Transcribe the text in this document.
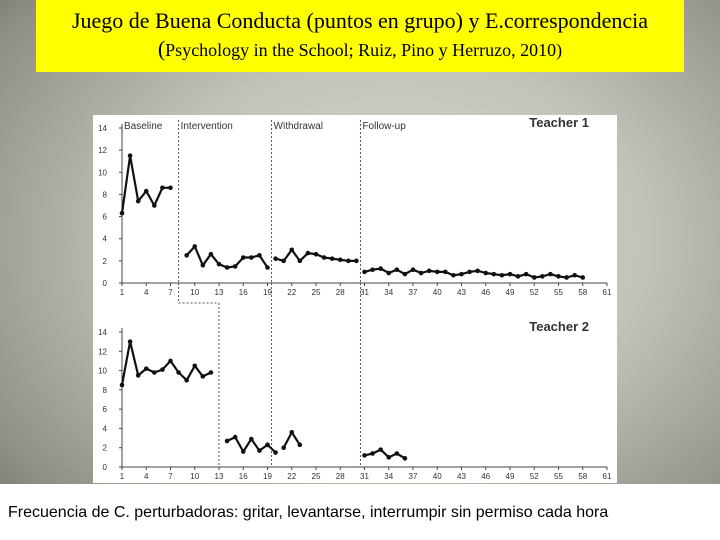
Juego de Buena Conducta (puntos en grupo) y E.correspondencia
(Psychology in the School; Ruiz, Pino y Herruzo, 2010)
0
2
4
6
8
10
12
14
1 4 7 10 13 16 19 22 25 28 31 34 37 40 43 46 49 52 55 58 61
Teacher 1
0
2
4
6
8
10
12
14
1 4 7 10 13 16 19 22 25 28 31 34 37 40 43 46 49 52 55 58 61
Teacher 2
Baseline Intervention	Withdrawal	Follow-up
Frecuencia de C. perturbadoras: gritar, levantarse, interrumpir sin permiso cada hora
